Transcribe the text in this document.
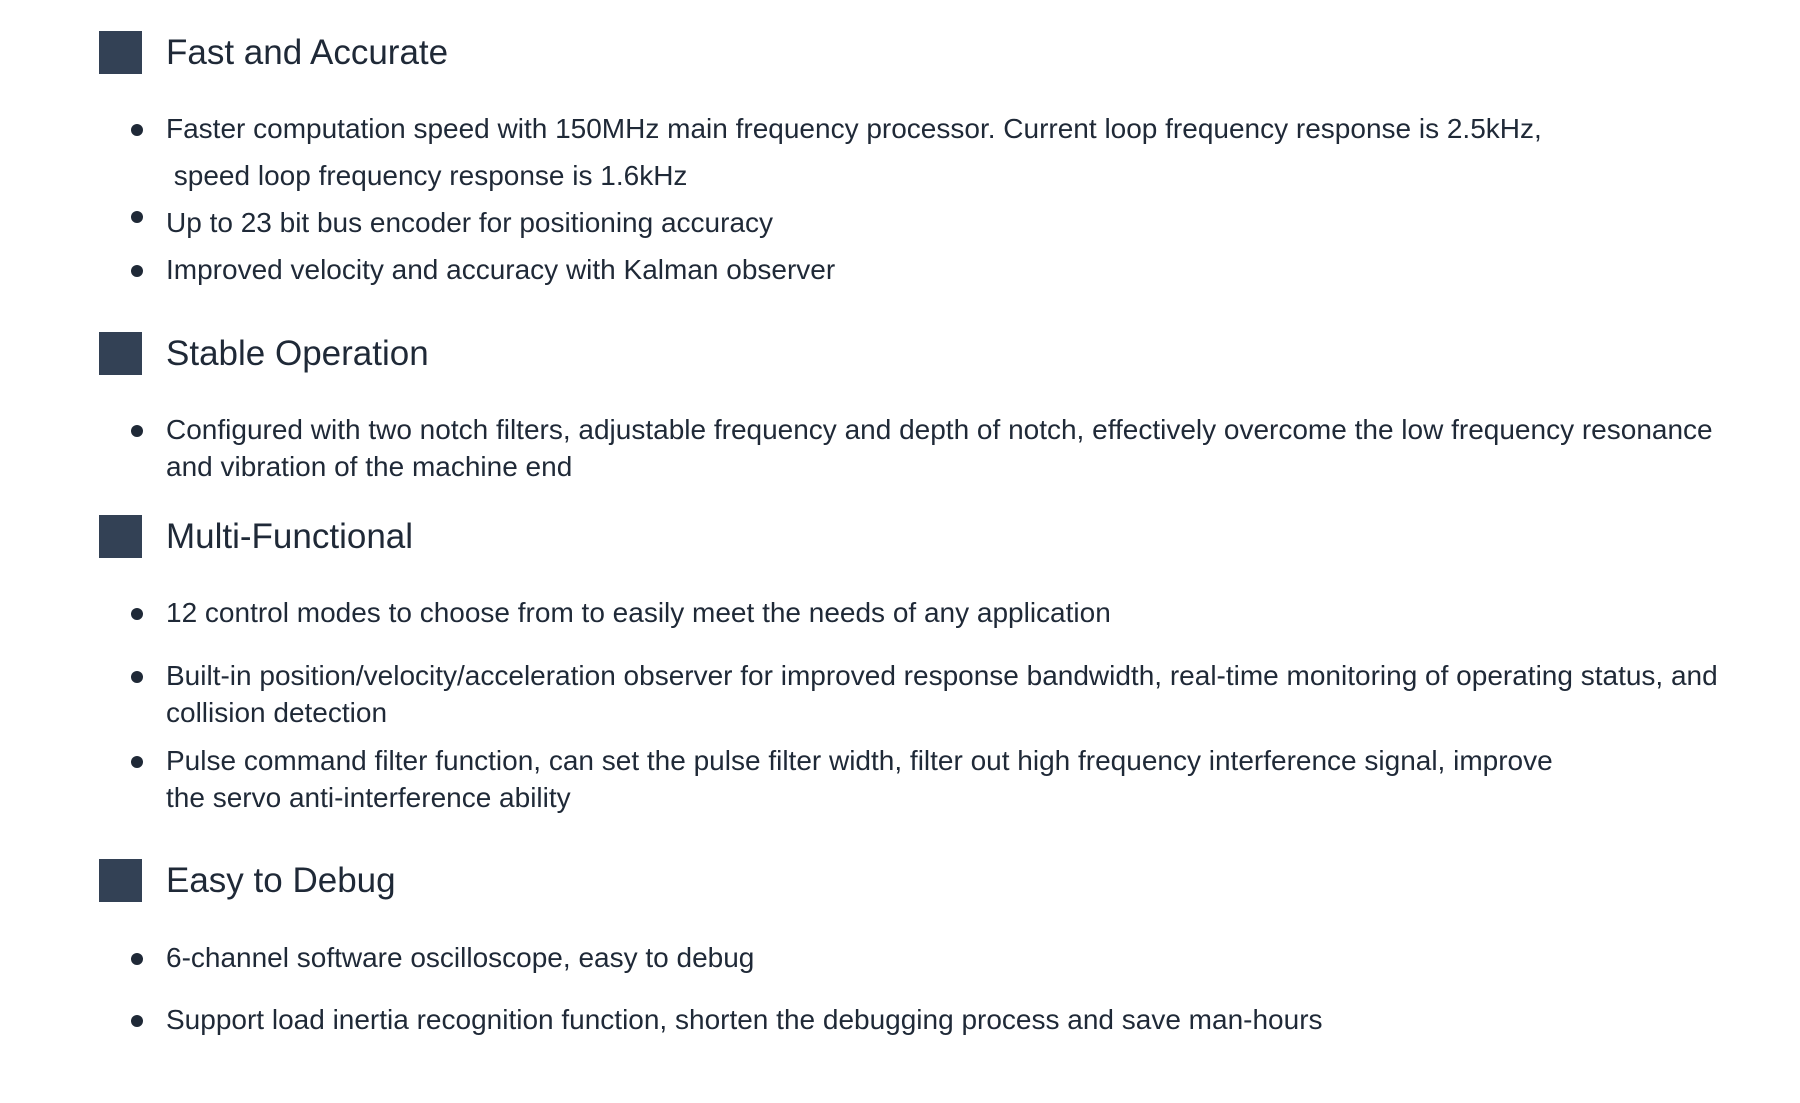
Fast and Accurate
Faster computation speed with 150MHz main frequency processor. Current loop frequency response is 2.5kHz,
speed loop frequency response is 1.6kHz
Up to 23 bit bus encoder for positioning accuracy
Improved velocity and accuracy with Kalman observer
Stable Operation
Configured with two notch filters, adjustable frequency and depth of notch, effectively overcome the low frequency resonance and vibration of the machine end
Multi-Functional
12 control modes to choose from to easily meet the needs of any application
Built-in position/velocity/acceleration observer for improved response bandwidth, real-time monitoring of operating status, and collision detection
Pulse command filter function, can set the pulse filter width, filter out high frequency interference signal, improve the servo anti-interference ability
Easy to Debug
6-channel software oscilloscope, easy to debug
Support load inertia recognition function, shorten the debugging process and save man-hours
